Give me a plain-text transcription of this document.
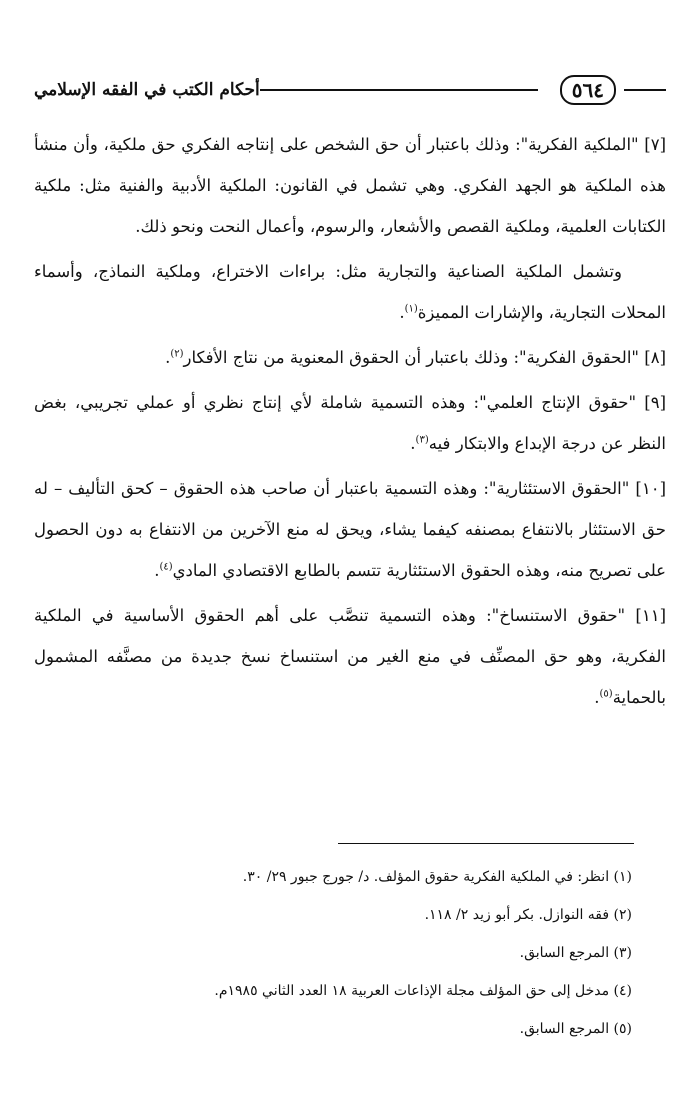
٥٦٤
أحكام الكتب في الفقه الإسلامي

[٧] "الملكية الفكرية": وذلك باعتبار أن حق الشخص على إنتاجه الفكري حق ملكية، وأن منشأ هذه الملكية هو الجهد الفكري. وهي تشمل في القانون: الملكية الأدبية والفنية مثل: ملكية الكتابات العلمية، وملكية القصص والأشعار، والرسوم، وأعمال النحت ونحو ذلك.

وتشمل الملكية الصناعية والتجارية مثل: براءات الاختراع، وملكية النماذج، وأسماء المحلات التجارية، والإشارات المميزة$^{(١)}$.

[٨] "الحقوق الفكرية": وذلك باعتبار أن الحقوق المعنوية من نتاج الأفكار$^{(٢)}$.

[٩] "حقوق الإنتاج العلمي": وهذه التسمية شاملة لأي إنتاج نظري أو عملي تجريبي، بغض النظر عن درجة الإبداع والابتكار فيه$^{(٣)}$.

[١٠] "الحقوق الاستئثارية": وهذه التسمية باعتبار أن صاحب هذه الحقوق – كحق التأليف – له حق الاستئثار بالانتفاع بمصنفه كيفما يشاء، ويحق له منع الآخرين من الانتفاع به دون الحصول على تصريح منه، وهذه الحقوق الاستئثارية تتسم بالطابع الاقتصادي المادي$^{(٤)}$.

[١١] "حقوق الاستنساخ": وهذه التسمية تنصَّب على أهم الحقوق الأساسية في الملكية الفكرية، وهو حق المصنِّف في منع الغير من استنساخ نسخ جديدة من مصنَّفه المشمول بالحماية$^{(٥)}$.

(١) انظر: في الملكية الفكرية حقوق المؤلف. د/ جورج جبور ٢٩/ ٣٠.

(٢) فقه النوازل. بكر أبو زيد ٢/ ١١٨.

(٣) المرجع السابق.

(٤) مدخل إلى حق المؤلف مجلة الإذاعات العربية ١٨ العدد الثاني ١٩٨٥م.

(٥) المرجع السابق.
